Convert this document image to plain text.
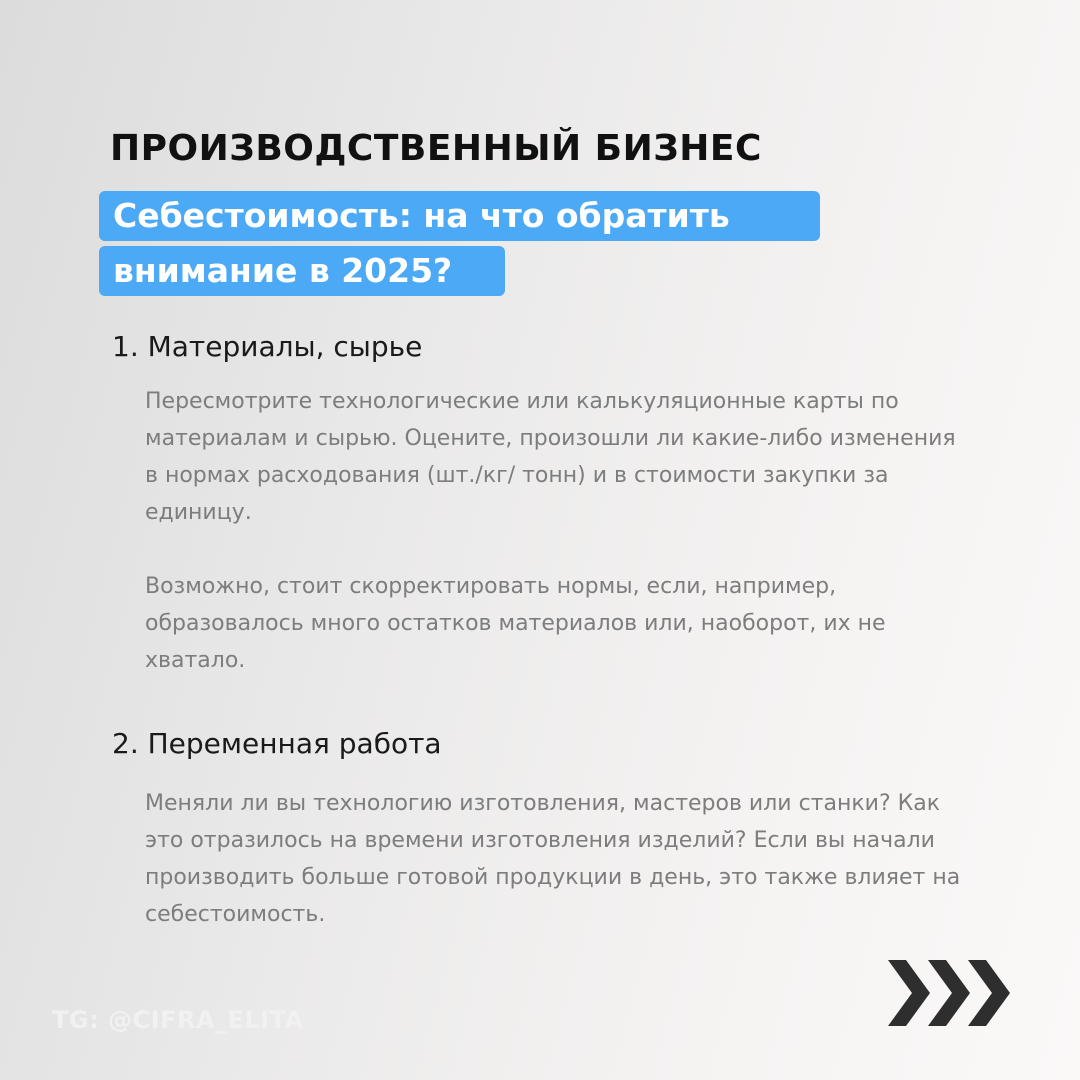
ПРОИЗВОДСТВЕННЫЙ БИЗНЕС
Себестоимость: на что обратить
внимание в 2025?
1. Материалы, сырье

Пересмотрите технологические или калькуляционные карты по материалам и сырью. Оцените, произошли ли какие-либо изменения в нормах расходования (шт./кг/ тонн) и в стоимости закупки за единицу.

Возможно, стоит скорректировать нормы, если, например, образовалось много остатков материалов или, наоборот, их не хватало.

2. Переменная работа

Меняли ли вы технологию изготовления, мастеров или станки? Как это отразилось на времени изготовления изделий? Если вы начали производить больше готовой продукции в день, это также влияет на себестоимость.

TG: @CIFRA_ELITA
